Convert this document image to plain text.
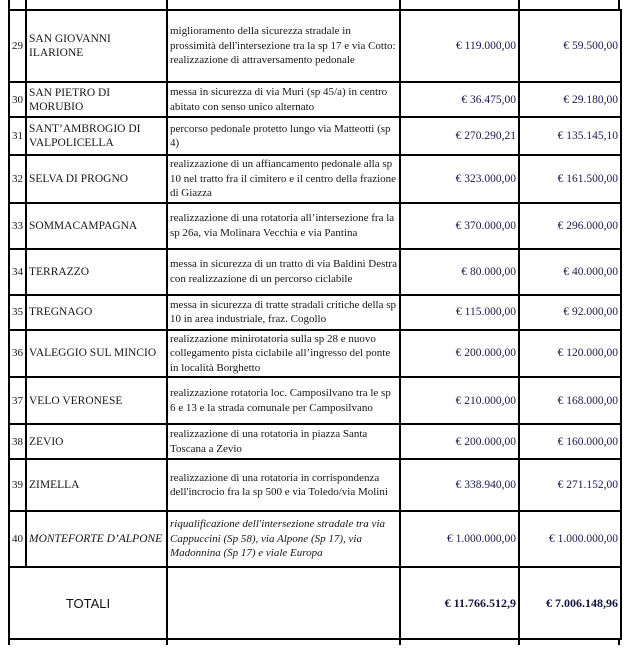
29	SAN GIOVANNI ILARIONE	miglioramento della sicurezza stradale in prossimità dell'intersezione tra la sp 17 e via Cotto: realizzazione di attraversamento pedonale	€ 119.000,00	€ 59.500,00
30	SAN PIETRO DI MORUBIO	messa in sicurezza di via Muri (sp 45/a) in centro abitato con senso unico alternato	€ 36.475,00	€ 29.180,00
31	SANT’AMBROGIO DI VALPOLICELLA	percorso pedonale protetto lungo via Matteotti (sp 4)	€ 270.290,21	€ 135.145,10
32	SELVA DI PROGNO	realizzazione di un affiancamento pedonale alla sp 10 nel tratto fra il cimitero e il centro della frazione di Giazza	€ 323.000,00	€ 161.500,00
33	SOMMACAMPAGNA	realizzazione di una rotatoria all’intersezione fra la sp 26a, via Molinara Vecchia e via Pantina	€ 370.000,00	€ 296.000,00
34	TERRAZZO	messa in sicurezza di un tratto di via Baldini Destra con realizzazione di un percorso ciclabile	€ 80.000,00	€ 40.000,00
35	TREGNAGO	messa in sicurezza di tratte stradali critiche della sp 10 in area industriale, fraz. Cogollo	€ 115.000,00	€ 92.000,00
36	VALEGGIO SUL MINCIO	realizzazione minirotatoria sulla sp 28 e nuovo collegamento pista ciclabile all’ingresso del ponte in località Borghetto	€ 200.000,00	€ 120.000,00
37	VELO VERONESE	realizzazione rotatoria loc. Camposilvano tra le sp 6 e 13 e la strada comunale per Camposilvano	€ 210.000,00	€ 168.000,00
38	ZEVIO	realizzazione di una rotatoria in piazza Santa Toscana a Zevio	€ 200.000,00	€ 160.000,00
39	ZIMELLA	realizzazione di una rotatoria in corrispondenza dell'incrocio fra la sp 500 e via Toledo/via Molini	€ 338.940,00	€ 271.152,00
40	MONTEFORTE D’ALPONE	riqualificazione dell'intersezione stradale tra via Cappuccini (Sp 58), via Alpone (Sp 17), via Madonnina (Sp 17) e viale Europa	€ 1.000.000,00	€ 1.000.000,00
TOTALI			€ 11.766.512,9	€ 7.006.148,96
